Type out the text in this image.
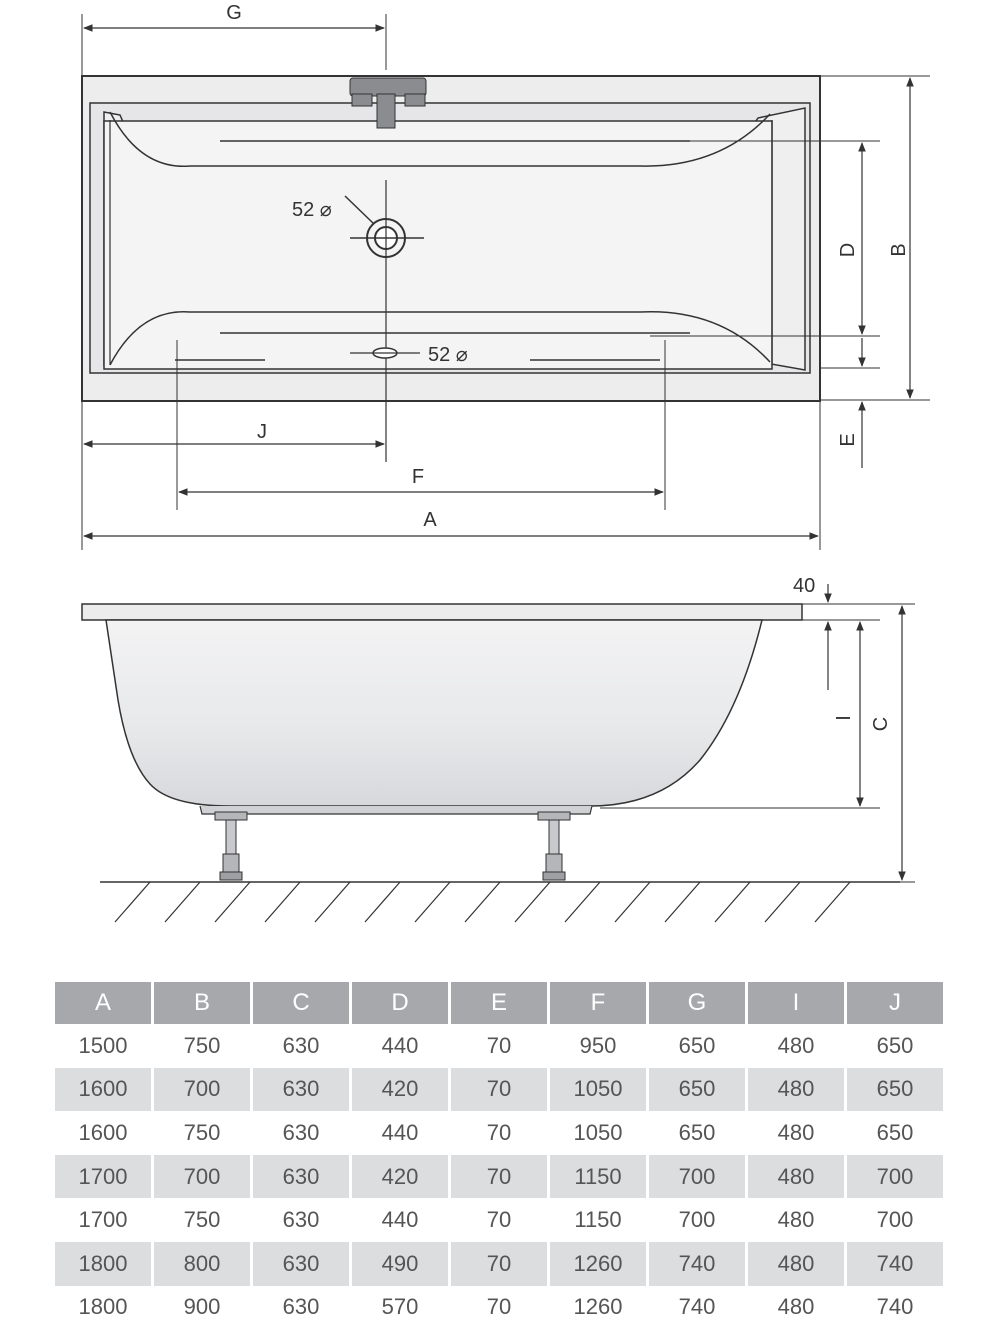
G
J
F
A
52 ⌀
52 ⌀
D B
E
40
I C
A	B	C	D	E	F	G	I	J
1500	750	630	440	70	950	650	480	650
1600	700	630	420	70	1050	650	480	650
1600	750	630	440	70	1050	650	480	650
1700	700	630	420	70	1150	700	480	700
1700	750	630	440	70	1150	700	480	700
1800	800	630	490	70	1260	740	480	740
1800	900	630	570	70	1260	740	480	740
